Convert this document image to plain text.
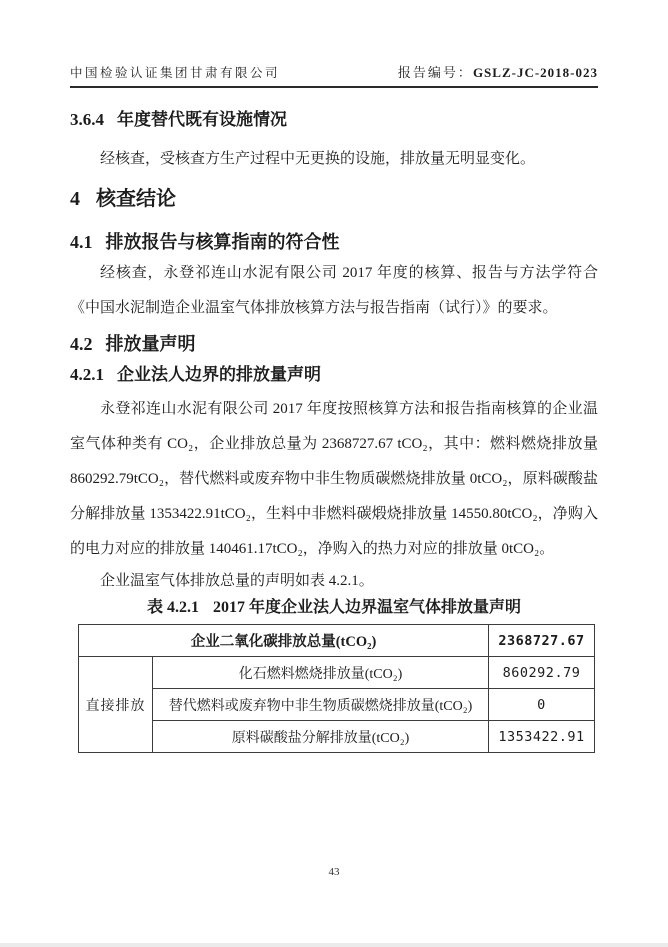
中国检验认证集团甘肃有限公司	报告编号：GSLZ-JC-2018-023
3.6.4 年度替代既有设施情况

经核查，受核查方生产过程中无更换的设施，排放量无明显变化。

4 核查结论
4.1 排放报告与核算指南的符合性

经核查，永登祁连山水泥有限公司 2017 年度的核算、报告与方法学符合《中国水泥制造企业温室气体排放核算方法与报告指南（试行）》的要求。

4.2 排放量声明
4.2.1 企业法人边界的排放量声明

永登祁连山水泥有限公司 2017 年度按照核算方法和报告指南核算的企业温室气体种类有 CO₂，企业排放总量为 2368727.67 tCO₂，其中：燃料燃烧排放量 860292.79tCO₂，替代燃料或废弃物中非生物质碳燃烧排放量 0tCO₂，原料碳酸盐分解排放量 1353422.91tCO₂，生料中非燃料碳煅烧排放量 14550.80tCO₂，净购入的电力对应的排放量 140461.17tCO₂，净购入的热力对应的排放量 0tCO₂。

企业温室气体排放总量的声明如表 4.2.1。

表 4.2.1 2017 年度企业法人边界温室气体排放量声明
企业二氧化碳排放总量(tCO₂)		2368727.67
直接排放	化石燃料燃烧排放量(tCO₂)	860292.79
	替代燃料或废弃物中非生物质碳燃烧排放量(tCO₂)	0
	原料碳酸盐分解排放量(tCO₂)	1353422.91
43
